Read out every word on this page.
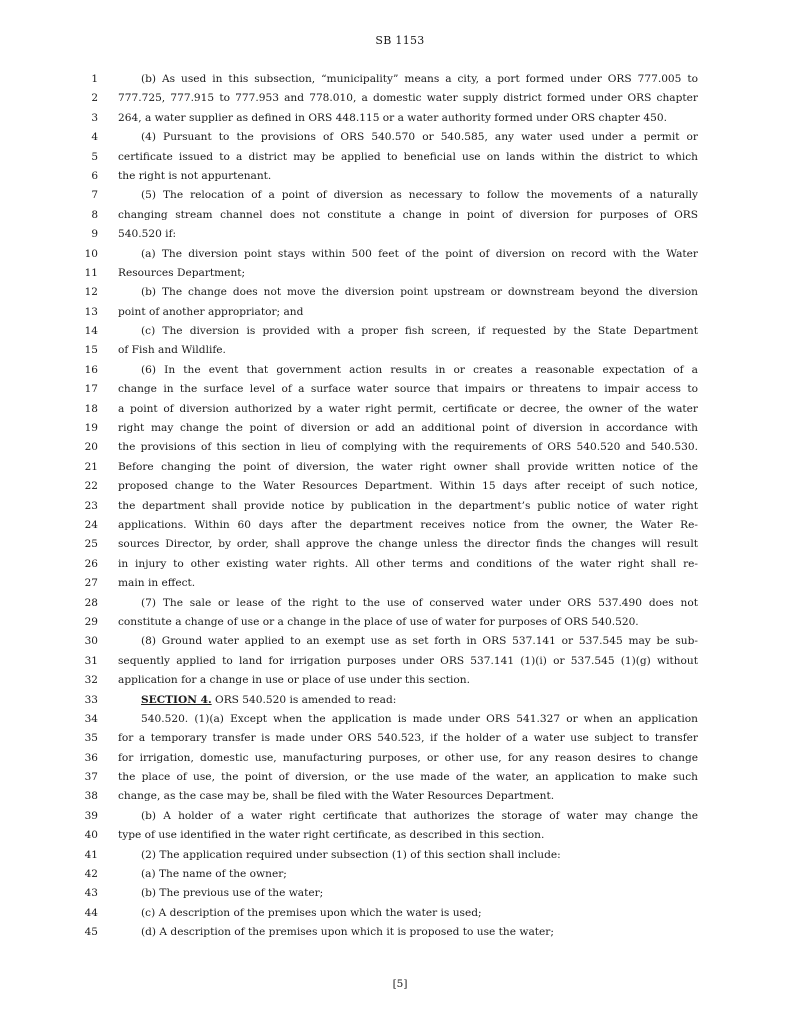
SB 1153
1	(b) As used in this subsection, “municipality” means a city, a port formed under ORS 777.005 to
2 777.725, 777.915 to 777.953 and 778.010, a domestic water supply district formed under ORS chapter
3 264, a water supplier as defined in ORS 448.115 or a water authority formed under ORS chapter 450.
4	(4) Pursuant to the provisions of ORS 540.570 or 540.585, any water used under a permit or
5 certificate issued to a district may be applied to beneficial use on lands within the district to which
6 the right is not appurtenant.
7	(5) The relocation of a point of diversion as necessary to follow the movements of a naturally
8 changing stream channel does not constitute a change in point of diversion for purposes of ORS
9 540.520 if:
10	(a) The diversion point stays within 500 feet of the point of diversion on record with the Water
11 Resources Department;
12	(b) The change does not move the diversion point upstream or downstream beyond the diversion
13 point of another appropriator; and
14	(c) The diversion is provided with a proper fish screen, if requested by the State Department
15 of Fish and Wildlife.
16	(6) In the event that government action results in or creates a reasonable expectation of a
17 change in the surface level of a surface water source that impairs or threatens to impair access to
18 a point of diversion authorized by a water right permit, certificate or decree, the owner of the water
19 right may change the point of diversion or add an additional point of diversion in accordance with
20 the provisions of this section in lieu of complying with the requirements of ORS 540.520 and 540.530.
21 Before changing the point of diversion, the water right owner shall provide written notice of the
22 proposed change to the Water Resources Department. Within 15 days after receipt of such notice,
23 the department shall provide notice by publication in the department’s public notice of water right
24 applications. Within 60 days after the department receives notice from the owner, the Water Re-
25 sources Director, by order, shall approve the change unless the director finds the changes will result
26 in injury to other existing water rights. All other terms and conditions of the water right shall re-
27 main in effect.
28	(7) The sale or lease of the right to the use of conserved water under ORS 537.490 does not
29 constitute a change of use or a change in the place of use of water for purposes of ORS 540.520.
30	(8) Ground water applied to an exempt use as set forth in ORS 537.141 or 537.545 may be sub-
31 sequently applied to land for irrigation purposes under ORS 537.141 (1)(i) or 537.545 (1)(g) without
32 application for a change in use or place of use under this section.
33	SECTION 4. ORS 540.520 is amended to read:
34	540.520. (1)(a) Except when the application is made under ORS 541.327 or when an application
35 for a temporary transfer is made under ORS 540.523, if the holder of a water use subject to transfer
36 for irrigation, domestic use, manufacturing purposes, or other use, for any reason desires to change
37 the place of use, the point of diversion, or the use made of the water, an application to make such
38 change, as the case may be, shall be filed with the Water Resources Department.
39	(b) A holder of a water right certificate that authorizes the storage of water may change the
40 type of use identified in the water right certificate, as described in this section.
41	(2) The application required under subsection (1) of this section shall include:
42	(a) The name of the owner;
43	(b) The previous use of the water;
44	(c) A description of the premises upon which the water is used;
45	(d) A description of the premises upon which it is proposed to use the water;
[5]
